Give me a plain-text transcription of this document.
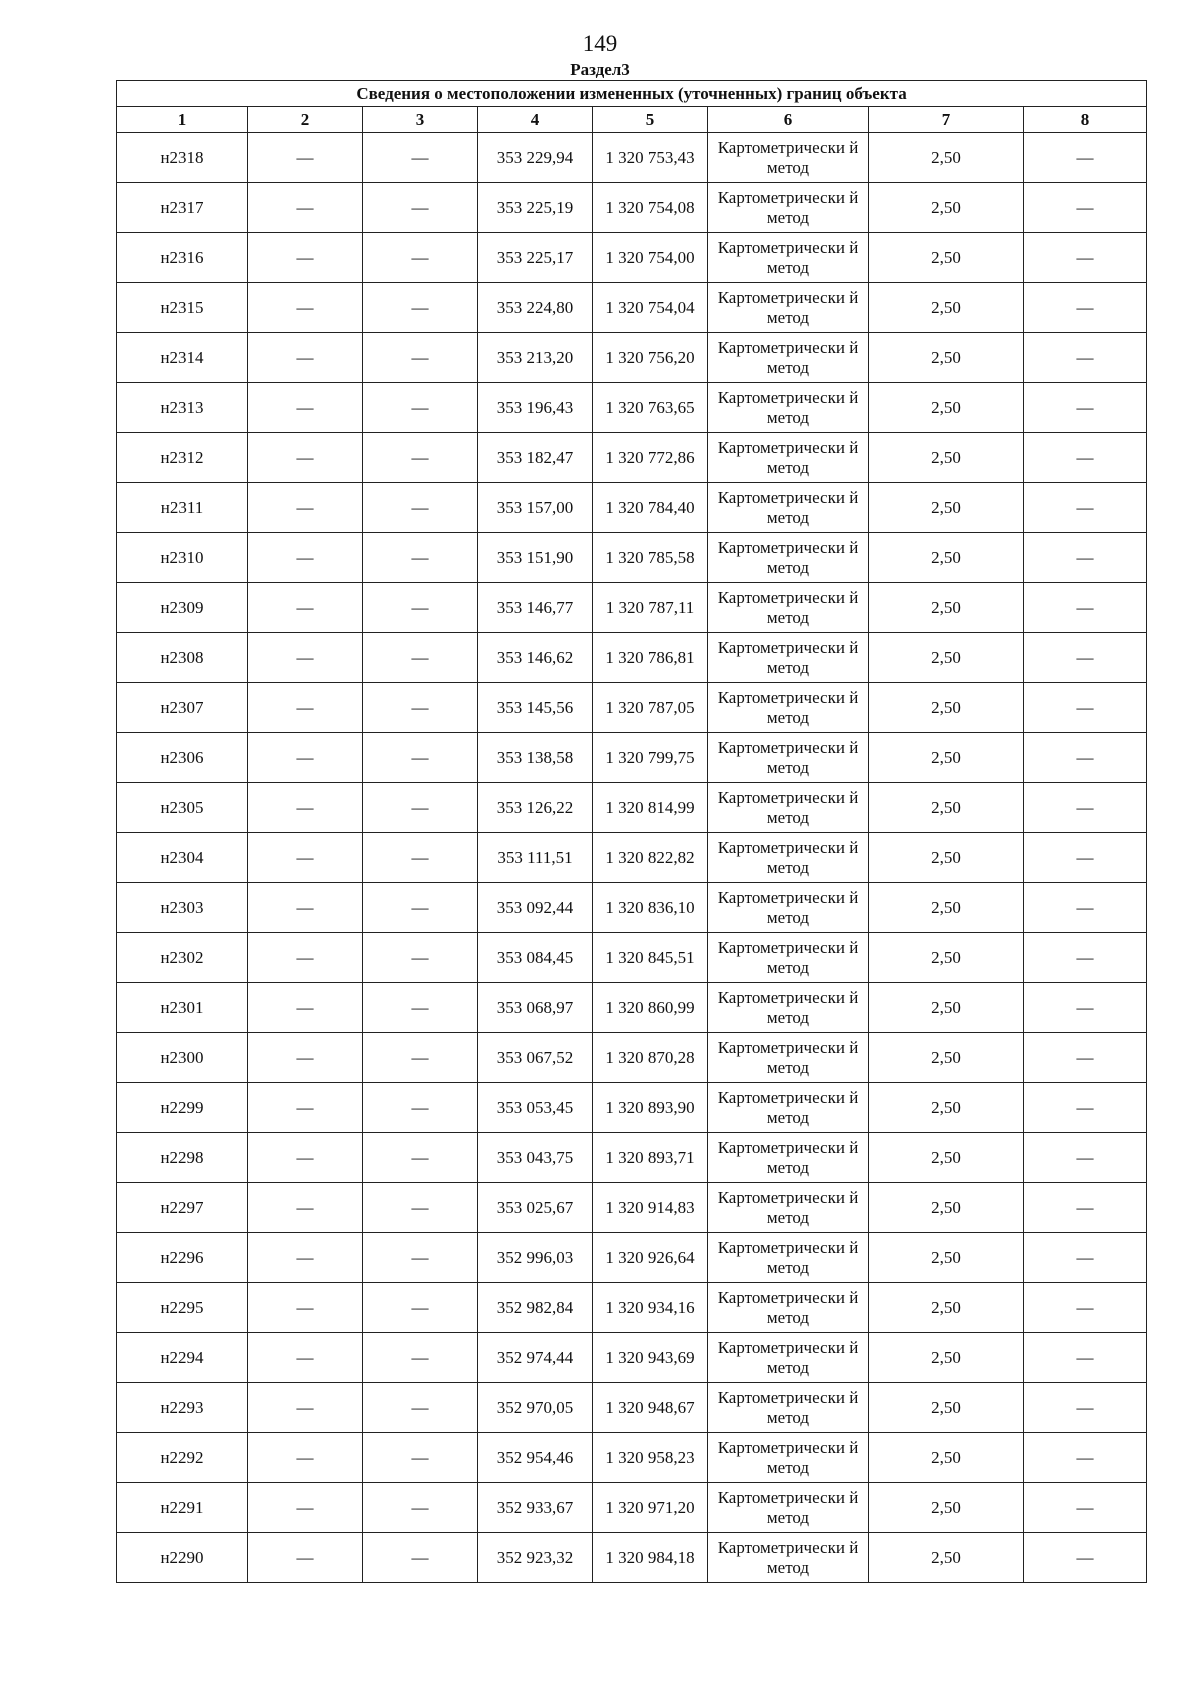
149
Раздел3
Сведения о местоположении измененных (уточненных) границ объекта							
1	2	3	4	5	6	7	8
н2318	—	—	353 229,94	1 320 753,43	Картометрически й метод	2,50	—
н2317	—	—	353 225,19	1 320 754,08	Картометрически й метод	2,50	—
н2316	—	—	353 225,17	1 320 754,00	Картометрически й метод	2,50	—
н2315	—	—	353 224,80	1 320 754,04	Картометрически й метод	2,50	—
н2314	—	—	353 213,20	1 320 756,20	Картометрически й метод	2,50	—
н2313	—	—	353 196,43	1 320 763,65	Картометрически й метод	2,50	—
н2312	—	—	353 182,47	1 320 772,86	Картометрически й метод	2,50	—
н2311	—	—	353 157,00	1 320 784,40	Картометрически й метод	2,50	—
н2310	—	—	353 151,90	1 320 785,58	Картометрически й метод	2,50	—
н2309	—	—	353 146,77	1 320 787,11	Картометрически й метод	2,50	—
н2308	—	—	353 146,62	1 320 786,81	Картометрически й метод	2,50	—
н2307	—	—	353 145,56	1 320 787,05	Картометрически й метод	2,50	—
н2306	—	—	353 138,58	1 320 799,75	Картометрически й метод	2,50	—
н2305	—	—	353 126,22	1 320 814,99	Картометрически й метод	2,50	—
н2304	—	—	353 111,51	1 320 822,82	Картометрически й метод	2,50	—
н2303	—	—	353 092,44	1 320 836,10	Картометрически й метод	2,50	—
н2302	—	—	353 084,45	1 320 845,51	Картометрически й метод	2,50	—
н2301	—	—	353 068,97	1 320 860,99	Картометрически й метод	2,50	—
н2300	—	—	353 067,52	1 320 870,28	Картометрически й метод	2,50	—
н2299	—	—	353 053,45	1 320 893,90	Картометрически й метод	2,50	—
н2298	—	—	353 043,75	1 320 893,71	Картометрически й метод	2,50	—
н2297	—	—	353 025,67	1 320 914,83	Картометрически й метод	2,50	—
н2296	—	—	352 996,03	1 320 926,64	Картометрически й метод	2,50	—
н2295	—	—	352 982,84	1 320 934,16	Картометрически й метод	2,50	—
н2294	—	—	352 974,44	1 320 943,69	Картометрически й метод	2,50	—
н2293	—	—	352 970,05	1 320 948,67	Картометрически й метод	2,50	—
н2292	—	—	352 954,46	1 320 958,23	Картометрически й метод	2,50	—
н2291	—	—	352 933,67	1 320 971,20	Картометрически й метод	2,50	—
н2290	—	—	352 923,32	1 320 984,18	Картометрически й метод	2,50	—
